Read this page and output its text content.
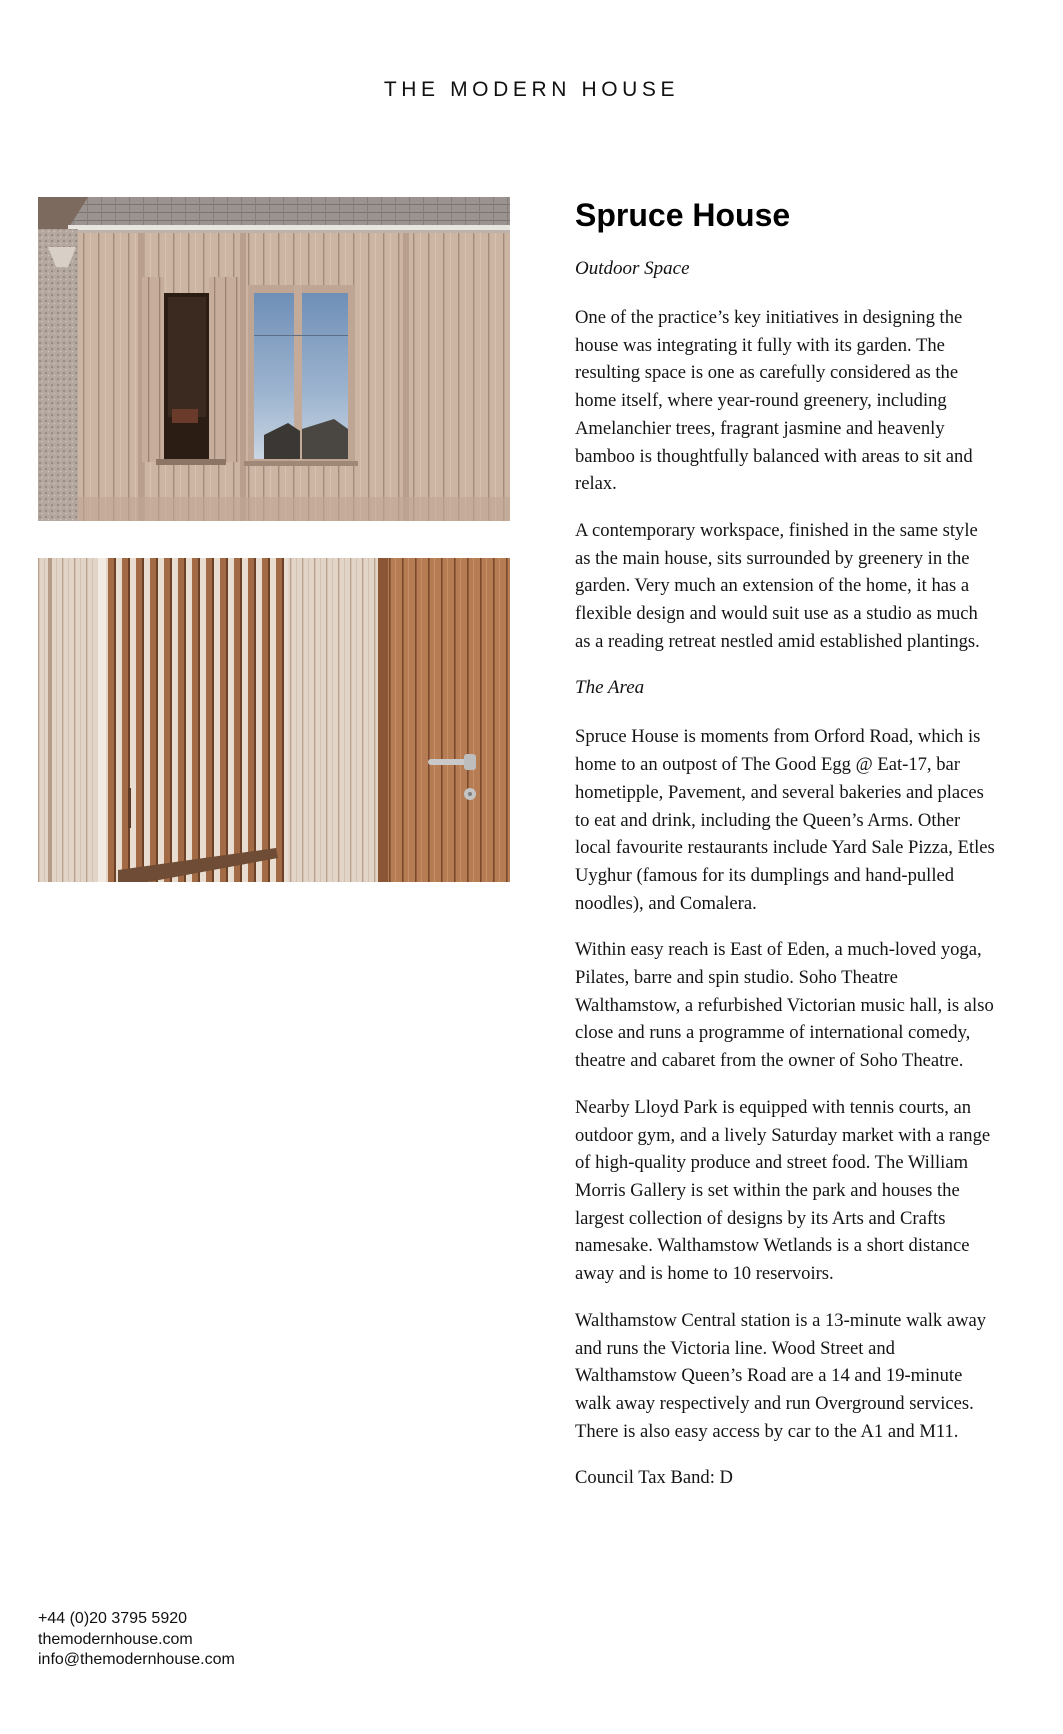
THE MODERN HOUSE
Spruce House
Outdoor Space

One of the practice’s key initiatives in designing the house was integrating it fully with its garden. The resulting space is one as carefully considered as the home itself, where year-round greenery, including Amelanchier trees, fragrant jasmine and heavenly bamboo is thoughtfully balanced with areas to sit and relax.

A contemporary workspace, finished in the same style as the main house, sits surrounded by greenery in the garden. Very much an extension of the home, it has a flexible design and would suit use as a studio as much as a reading retreat nestled amid established plantings.

The Area

Spruce House is moments from Orford Road, which is home to an outpost of The Good Egg @ Eat-17, bar hometipple, Pavement, and several bakeries and places to eat and drink, including the Queen’s Arms. Other local favourite restaurants include Yard Sale Pizza, Etles Uyghur (famous for its dumplings and hand-pulled noodles), and Comalera.

Within easy reach is East of Eden, a much-loved yoga, Pilates, barre and spin studio. Soho Theatre Walthamstow, a refurbished Victorian music hall, is also close and runs a programme of international comedy, theatre and cabaret from the owner of Soho Theatre.

Nearby Lloyd Park is equipped with tennis courts, an outdoor gym, and a lively Saturday market with a range of high-quality produce and street food. The William Morris Gallery is set within the park and houses the largest collection of designs by its Arts and Crafts namesake. Walthamstow Wetlands is a short distance away and is home to 10 reservoirs.

Walthamstow Central station is a 13-minute walk away and runs the Victoria line. Wood Street and Walthamstow Queen’s Road are a 14 and 19-minute walk away respectively and run Overground services. There is also easy access by car to the A1 and M11.

Council Tax Band: D

+44 (0)20 3795 5920
themodernhouse.com
info@themodernhouse.com
